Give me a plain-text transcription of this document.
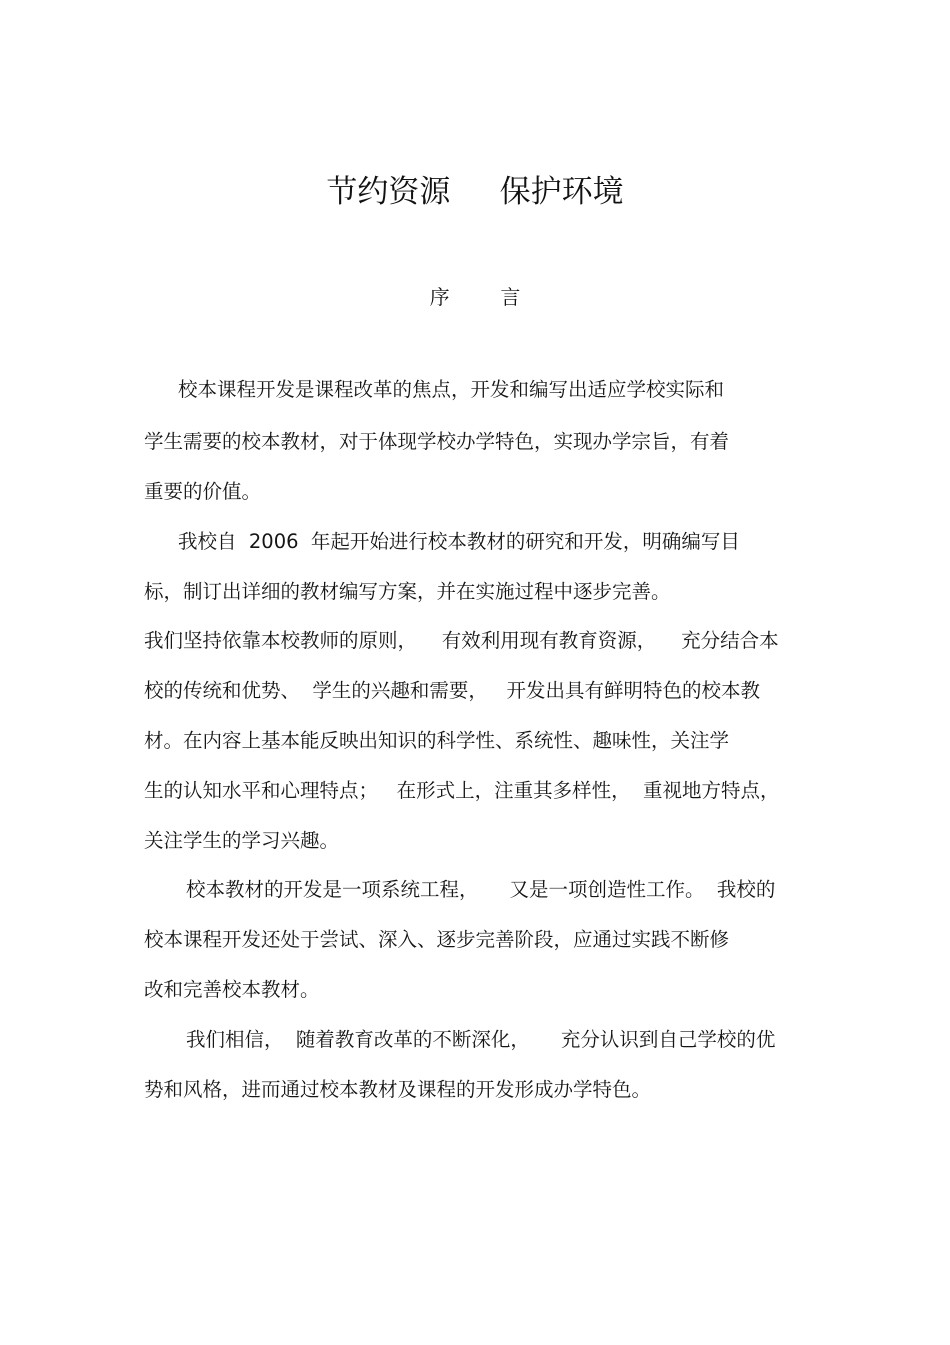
节约资源     保护环境
序        言
校本课程开发是课程改革的焦点，开发和编写出适应学校实际和
学生需要的校本教材，对于体现学校办学特色，实现办学宗旨，有着
重要的价值。
我校自  2006  年起开始进行校本教材的研究和开发，明确编写目
标，制订出详细的教材编写方案，并在实施过程中逐步完善。
我们坚持依靠本校教师的原则，    有效利用现有教育资源，    充分结合本
校的传统和优势、  学生的兴趣和需要，   开发出具有鲜明特色的校本教
材。在内容上基本能反映出知识的科学性、系统性、趣味性，关注学
生的认知水平和心理特点；   在形式上，注重其多样性，  重视地方特点，
关注学生的学习兴趣。
校本教材的开发是一项系统工程，     又是一项创造性工作。  我校的
校本课程开发还处于尝试、深入、逐步完善阶段，应通过实践不断修
改和完善校本教材。
我们相信，  随着教育改革的不断深化，     充分认识到自己学校的优
势和风格，进而通过校本教材及课程的开发形成办学特色。
